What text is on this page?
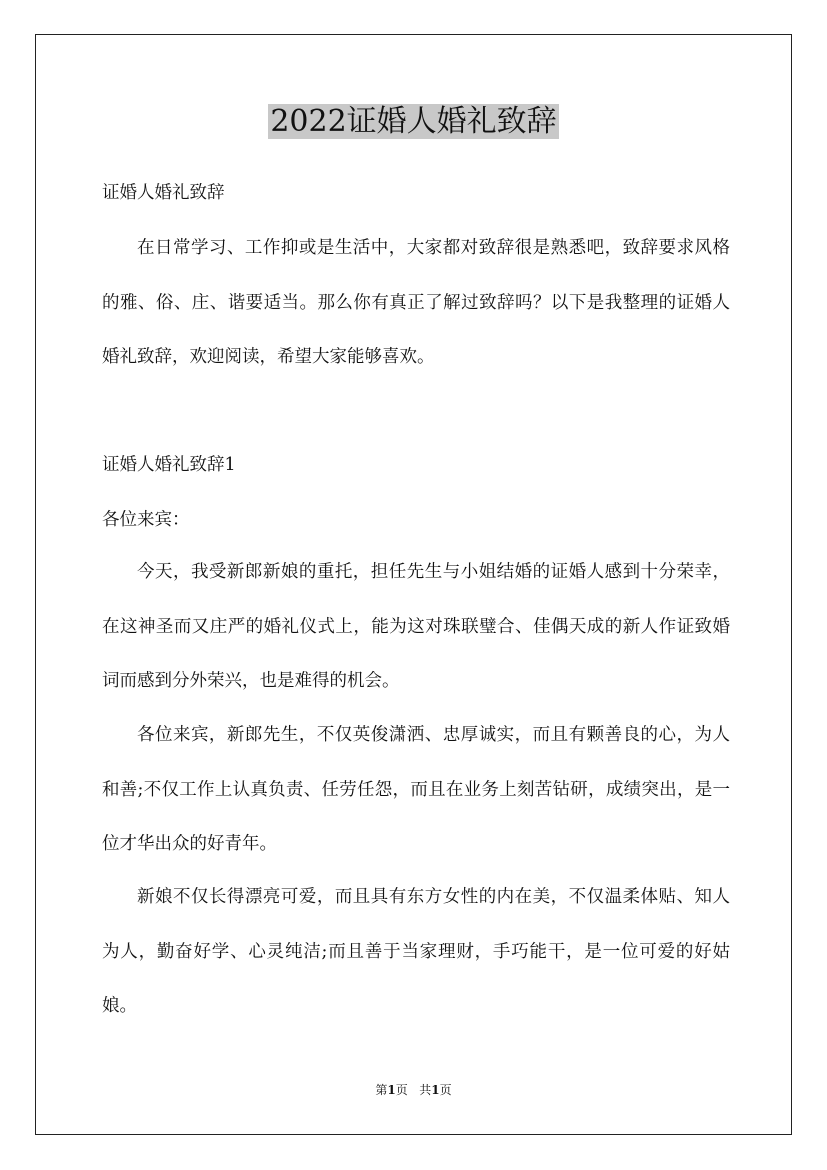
2022证婚人婚礼致辞

证婚人婚礼致辞

在日常学习、工作抑或是生活中，大家都对致辞很是熟悉吧，致辞要求风格的雅、俗、庄、谐要适当。那么你有真正了解过致辞吗？以下是我整理的证婚人婚礼致辞，欢迎阅读，希望大家能够喜欢。

证婚人婚礼致辞1

各位来宾：

今天，我受新郎新娘的重托，担任先生与小姐结婚的证婚人感到十分荣幸，在这神圣而又庄严的婚礼仪式上，能为这对珠联璧合、佳偶天成的新人作证致婚词而感到分外荣兴，也是难得的机会。

各位来宾，新郎先生，不仅英俊潇洒、忠厚诚实，而且有颗善良的心，为人和善;不仅工作上认真负责、任劳任怨，而且在业务上刻苦钻研，成绩突出，是一位才华出众的好青年。

新娘不仅长得漂亮可爱，而且具有东方女性的内在美，不仅温柔体贴、知人为人，勤奋好学、心灵纯洁;而且善于当家理财，手巧能干，是一位可爱的好姑娘。

第1页 共1页
